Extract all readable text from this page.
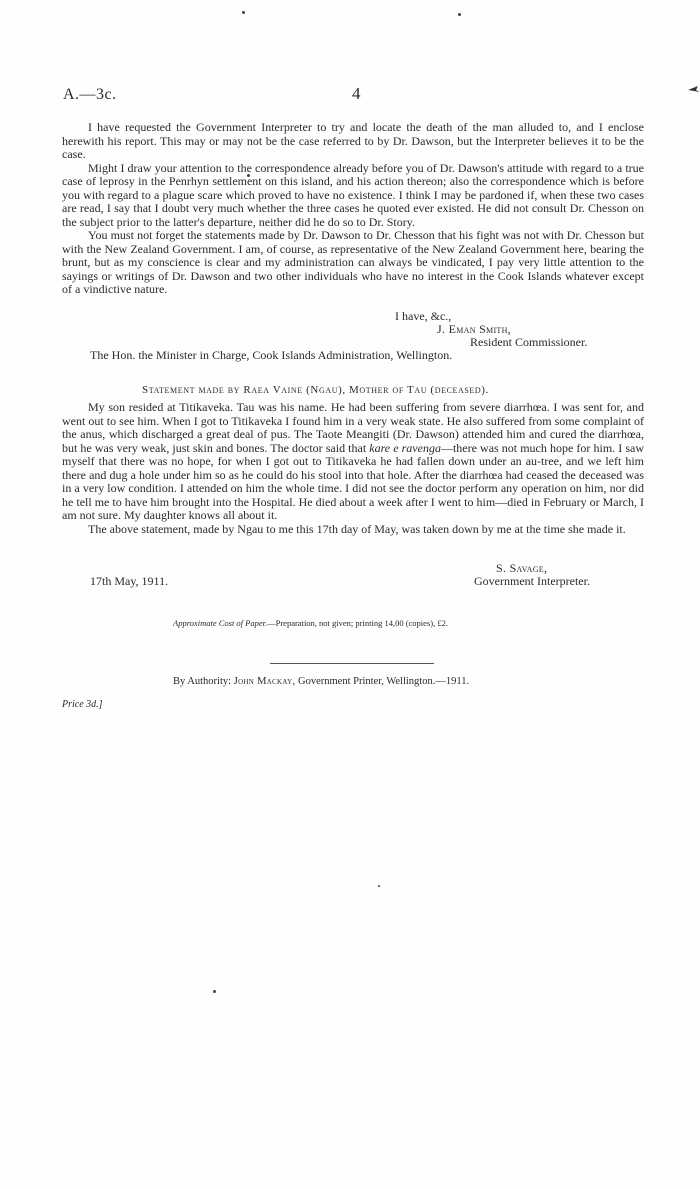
A.—3c.	4

I have requested the Government Interpreter to try and locate the death of the man alluded to, and I enclose herewith his report. This may or may not be the case referred to by Dr. Dawson, but the Interpreter believes it to be the case.

Might I draw your attention to the correspondence already before you of Dr. Dawson's attitude with regard to a true case of leprosy in the Penrhyn settlement on this island, and his action thereon; also the correspondence which is before you with regard to a plague scare which proved to have no existence. I think I may be pardoned if, when these two cases are read, I say that I doubt very much whether the three cases he quoted ever existed. He did not consult Dr. Chesson on the subject prior to the latter's departure, neither did he do so to Dr. Story.

You must not forget the statements made by Dr. Dawson to Dr. Chesson that his fight was not with Dr. Chesson but with the New Zealand Government. I am, of course, as representative of the New Zealand Government here, bearing the brunt, but as my conscience is clear and my administration can always be vindicated, I pay very little attention to the sayings or writings of Dr. Dawson and two other individuals who have no interest in the Cook Islands whatever except of a vindictive nature.

I have, &c.,
J. Eman Smith,
Resident Commissioner.
The Hon. the Minister in Charge, Cook Islands Administration, Wellington.
Statement made by Raea Vaine (Ngau), Mother of Tau (deceased).

My son resided at Titikaveka. Tau was his name. He had been suffering from severe diarrhœa. I was sent for, and went out to see him. When I got to Titikaveka I found him in a very weak state. He also suffered from some complaint of the anus, which discharged a great deal of pus. The Taote Meangiti (Dr. Dawson) attended him and cured the diarrhœa, but he was very weak, just skin and bones. The doctor said that kare e ravenga—there was not much hope for him. I saw myself that there was no hope, for when I got out to Titikaveka he had fallen down under an au-tree, and we left him there and dug a hole under him so as he could do his stool into that hole. After the diarrhœa had ceased the deceased was in a very low condition. I attended on him the whole time. I did not see the doctor perform any operation on him, nor did he tell me to have him brought into the Hospital. He died about a week after I went to him—died in February or March, I am not sure. My daughter knows all about it.

The above statement, made by Ngau to me this 17th day of May, was taken down by me at the time she made it.

S. Savage,
17th May, 1911.	Government Interpreter.
Approximate Cost of Paper.—Preparation, not given; printing 14,00 (copies), £2.
By Authority: John Mackay, Government Printer, Wellington.—1911.
Price 3d.]
